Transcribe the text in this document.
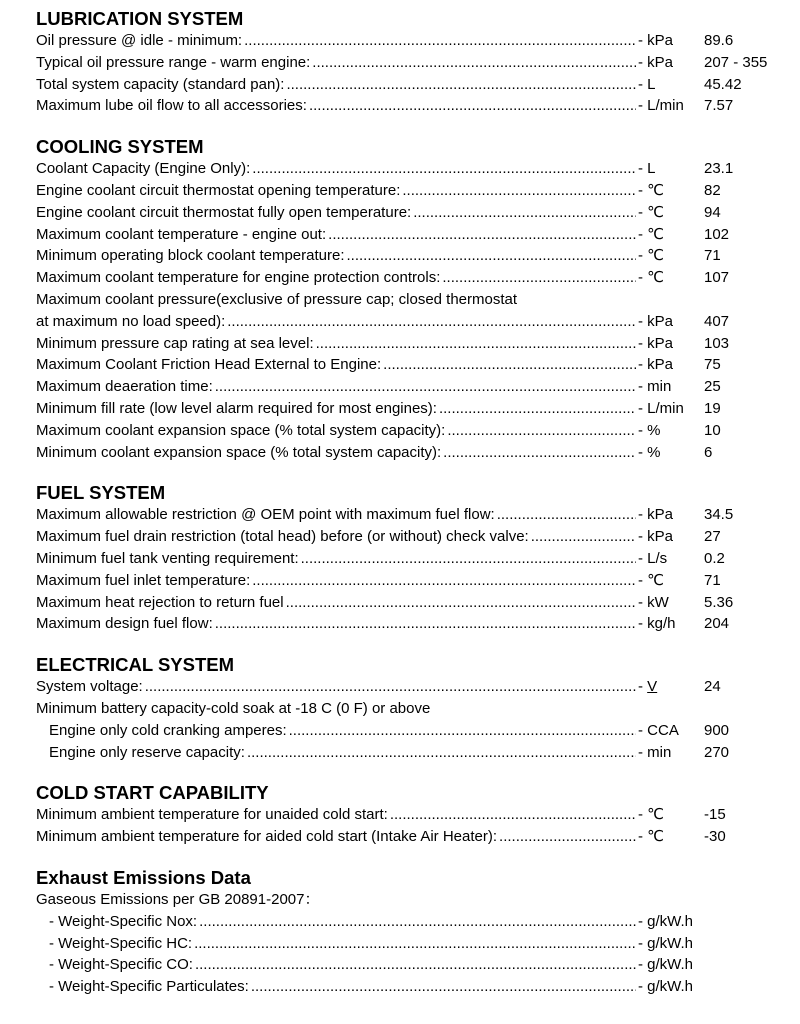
LUBRICATION SYSTEM
Oil pressure @ idle - minimum: .....	- kPa	89.6
Typical oil pressure range - warm engine: .....	- kPa	207 - 355
Total system capacity (standard pan): .....	- L	45.42
Maximum lube oil flow to all accessories: .....	- L/min	7.57
COOLING SYSTEM
Coolant Capacity (Engine Only): .....	- L	23.1
Engine coolant circuit thermostat opening temperature: .....	- ℃	82
Engine coolant circuit thermostat fully open temperature: .....	- ℃	94
Maximum coolant temperature - engine out: .....	- ℃	102
Minimum operating block coolant temperature: .....	- ℃	71
Maximum coolant temperature for engine protection controls: .....	- ℃	107
Maximum coolant pressure(exclusive of pressure cap; closed thermostat
at maximum no load speed): .....	- kPa	407
Minimum pressure cap rating at sea level: .....	- kPa	103
Maximum Coolant Friction Head External to Engine: .....	- kPa	75
Maximum deaeration time: .....	- min	25
Minimum fill rate (low level alarm required for most engines): .....	- L/min	19
Maximum coolant expansion space (% total system capacity): .....	- %	10
Minimum coolant expansion space (% total system capacity): .....	- %	6
FUEL SYSTEM
Maximum allowable restriction @ OEM point with maximum fuel flow: .....	- kPa	34.5
Maximum fuel drain restriction (total head) before (or without) check valve: .....	- kPa	27
Minimum fuel tank venting requirement: .....	- L/s	0.2
Maximum fuel inlet temperature: .....	- ℃	71
Maximum heat rejection to return fuel .....	- kW	5.36
Maximum design fuel flow: .....	- kg/h	204
ELECTRICAL SYSTEM
System voltage: .....	- V	24
Minimum battery capacity-cold soak at -18 C (0 F) or above
Engine only cold cranking amperes: .....	- CCA	900
Engine only reserve capacity: .....	- min	270
COLD START CAPABILITY
Minimum ambient temperature for unaided cold start: .....	- ℃	-15
Minimum ambient temperature for aided cold start (Intake Air Heater): .....	- ℃	-30
Exhaust Emissions Data
Gaseous Emissions per GB 20891-2007：
- Weight-Specific Nox: .....	- g/kW.h
- Weight-Specific HC: .....	- g/kW.h
- Weight-Specific CO: .....	- g/kW.h
- Weight-Specific Particulates: .....	- g/kW.h
